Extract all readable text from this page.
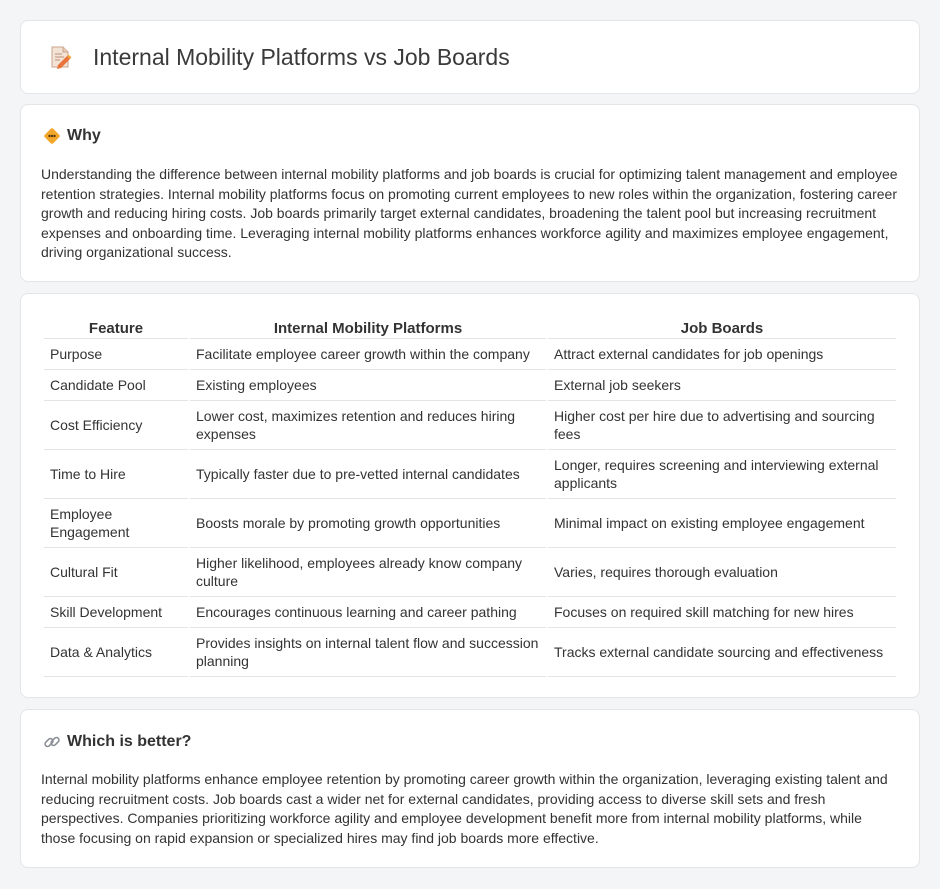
Internal Mobility Platforms vs Job Boards
Why

Understanding the difference between internal mobility platforms and job boards is crucial for optimizing talent management and employee retention strategies. Internal mobility platforms focus on promoting current employees to new roles within the organization, fostering career growth and reducing hiring costs. Job boards primarily target external candidates, broadening the talent pool but increasing recruitment expenses and onboarding time. Leveraging internal mobility platforms enhances workforce agility and maximizes employee engagement, driving organizational success.

Feature	Internal Mobility Platforms	Job Boards
Purpose	Facilitate employee career growth within the company	Attract external candidates for job openings
Candidate Pool	Existing employees	External job seekers
Cost Efficiency	Lower cost, maximizes retention and reduces hiring expenses	Higher cost per hire due to advertising and sourcing fees
Time to Hire	Typically faster due to pre-vetted internal candidates	Longer, requires screening and interviewing external applicants
Employee Engagement	Boosts morale by promoting growth opportunities	Minimal impact on existing employee engagement
Cultural Fit	Higher likelihood, employees already know company culture	Varies, requires thorough evaluation
Skill Development	Encourages continuous learning and career pathing	Focuses on required skill matching for new hires
Data & Analytics	Provides insights on internal talent flow and succession planning	Tracks external candidate sourcing and effectiveness
Which is better?

Internal mobility platforms enhance employee retention by promoting career growth within the organization, leveraging existing talent and reducing recruitment costs. Job boards cast a wider net for external candidates, providing access to diverse skill sets and fresh perspectives. Companies prioritizing workforce agility and employee development benefit more from internal mobility platforms, while those focusing on rapid expansion or specialized hires may find job boards more effective.
